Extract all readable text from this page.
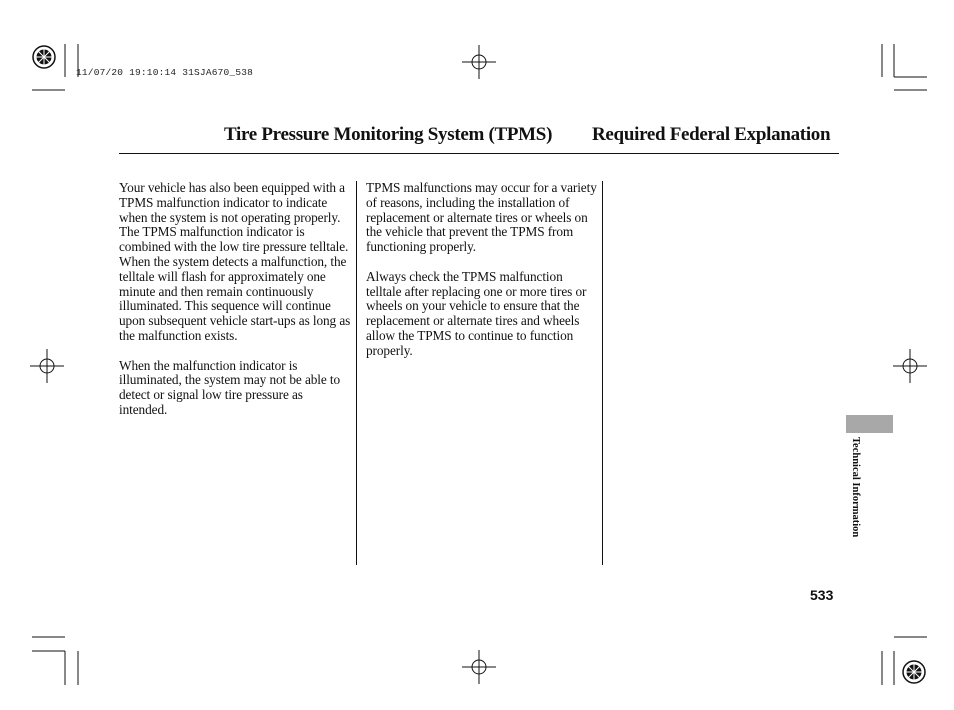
11/07/20 19:10:14 31SJA670_538
Tire Pressure Monitoring System (TPMS) Required Federal Explanation

Your vehicle has also been equipped with a TPMS malfunction indicator to indicate when the system is not operating properly. The TPMS malfunction indicator is combined with the low tire pressure telltale. When the system detects a malfunction, the telltale will flash for approximately one minute and then remain continuously illuminated. This sequence will continue upon subsequent vehicle start-ups as long as the malfunction exists.

When the malfunction indicator is illuminated, the system may not be able to detect or signal low tire pressure as intended.

TPMS malfunctions may occur for a variety of reasons, including the installation of replacement or alternate tires or wheels on the vehicle that prevent the TPMS from functioning properly.

Always check the TPMS malfunction telltale after replacing one or more tires or wheels on your vehicle to ensure that the replacement or alternate tires and wheels allow the TPMS to continue to function properly.

Technical Information
533
